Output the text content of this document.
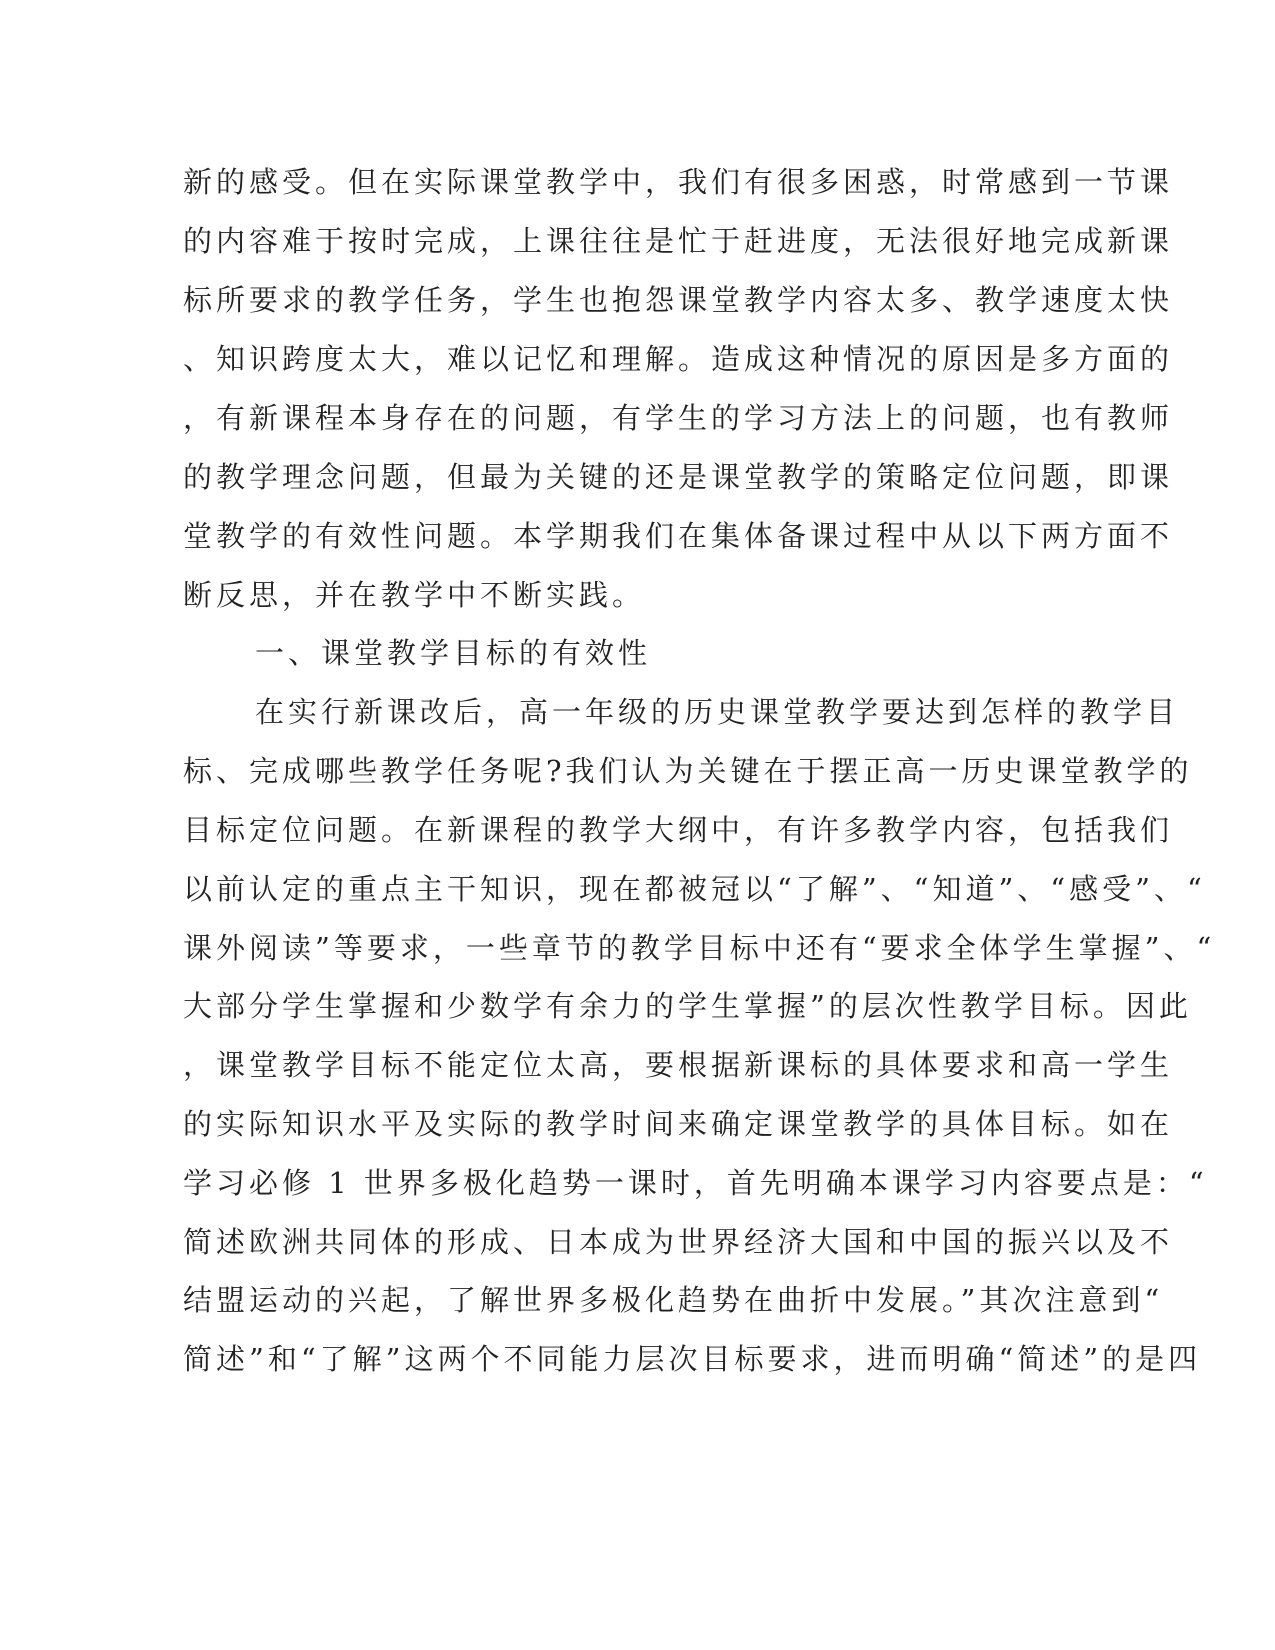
新的感受。但在实际课堂教学中，我们有很多困惑，时常感到一节课
的内容难于按时完成，上课往往是忙于赶进度，无法很好地完成新课
标所要求的教学任务，学生也抱怨课堂教学内容太多、教学速度太快
、知识跨度太大，难以记忆和理解。造成这种情况的原因是多方面的
，有新课程本身存在的问题，有学生的学习方法上的问题，也有教师
的教学理念问题，但最为关键的还是课堂教学的策略定位问题，即课
堂教学的有效性问题。本学期我们在集体备课过程中从以下两方面不
断反思，并在教学中不断实践。
一、课堂教学目标的有效性
在实行新课改后，高一年级的历史课堂教学要达到怎样的教学目
标、完成哪些教学任务呢?我们认为关键在于摆正高一历史课堂教学的
目标定位问题。在新课程的教学大纲中，有许多教学内容，包括我们
以前认定的重点主干知识，现在都被冠以“了解”、“知道”、“感受”、“
课外阅读”等要求，一些章节的教学目标中还有“要求全体学生掌握”、“
大部分学生掌握和少数学有余力的学生掌握”的层次性教学目标。因此
，课堂教学目标不能定位太高，要根据新课标的具体要求和高一学生
的实际知识水平及实际的教学时间来确定课堂教学的具体目标。如在
学习必修 1 世界多极化趋势一课时，首先明确本课学习内容要点是：“
简述欧洲共同体的形成、日本成为世界经济大国和中国的振兴以及不
结盟运动的兴起，了解世界多极化趋势在曲折中发展。”其次注意到“
简述”和“了解”这两个不同能力层次目标要求，进而明确“简述”的是四
